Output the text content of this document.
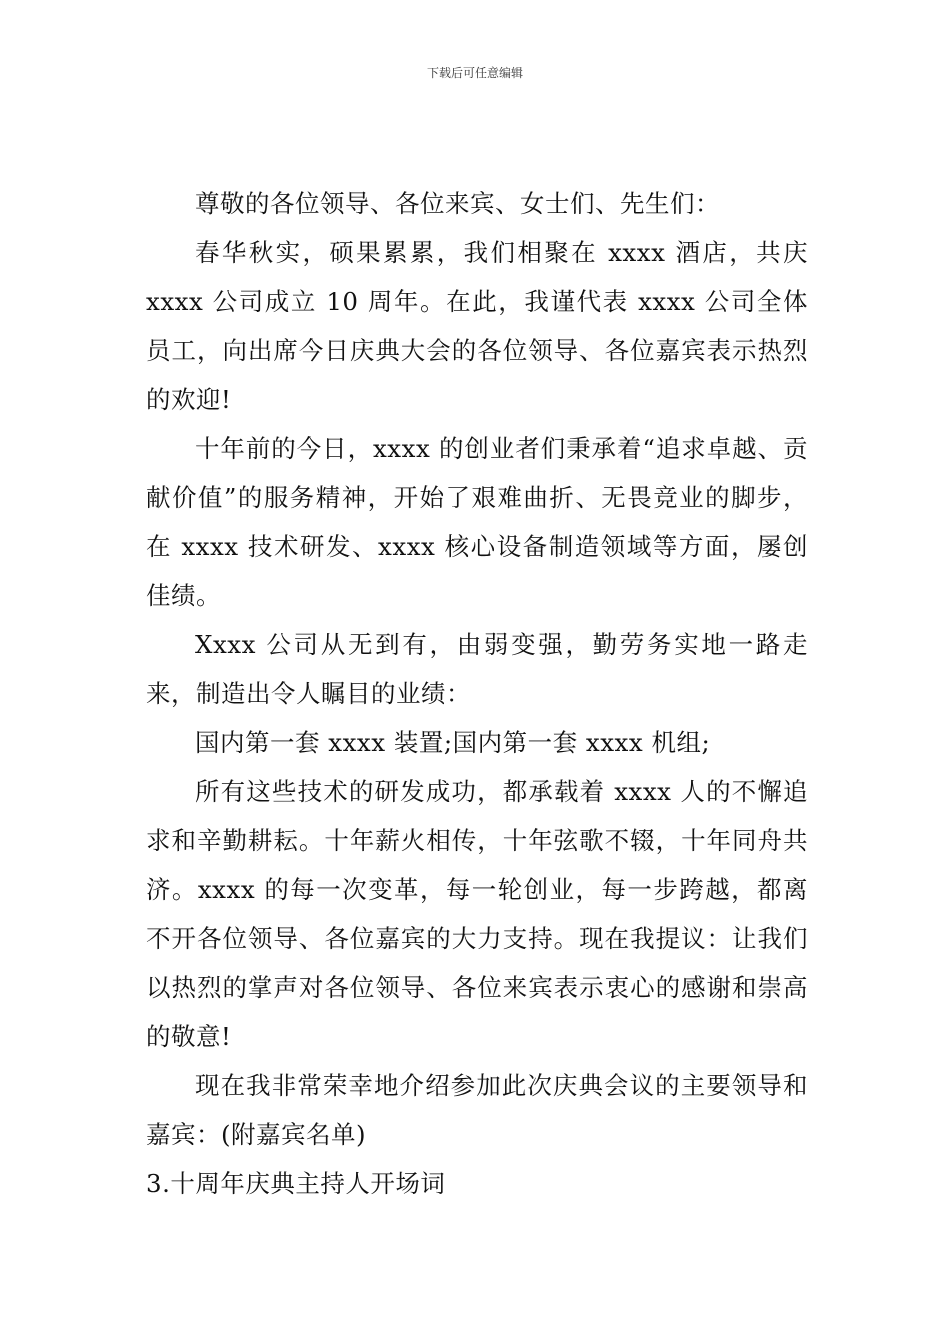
下载后可任意编辑

尊敬的各位领导、各位来宾、女士们、先生们：

春华秋实，硕果累累，我们相聚在 xxxx 酒店，共庆 xxxx 公司成立 10 周年。在此，我谨代表 xxxx 公司全体员工，向出席今日庆典大会的各位领导、各位嘉宾表示热烈的欢迎!

十年前的今日，xxxx 的创业者们秉承着“追求卓越、贡献价值”的服务精神，开始了艰难曲折、无畏竞业的脚步，在 xxxx 技术研发、xxxx 核心设备制造领域等方面，屡创佳绩。

Xxxx 公司从无到有，由弱变强，勤劳务实地一路走来，制造出令人瞩目的业绩：

国内第一套 xxxx 装置;国内第一套 xxxx 机组;

所有这些技术的研发成功，都承载着 xxxx 人的不懈追求和辛勤耕耘。十年薪火相传，十年弦歌不辍，十年同舟共济。xxxx 的每一次变革，每一轮创业，每一步跨越，都离不开各位领导、各位嘉宾的大力支持。现在我提议：让我们以热烈的掌声对各位领导、各位来宾表示衷心的感谢和崇高的敬意!

现在我非常荣幸地介绍参加此次庆典会议的主要领导和嘉宾：(附嘉宾名单)

3.十周年庆典主持人开场词
